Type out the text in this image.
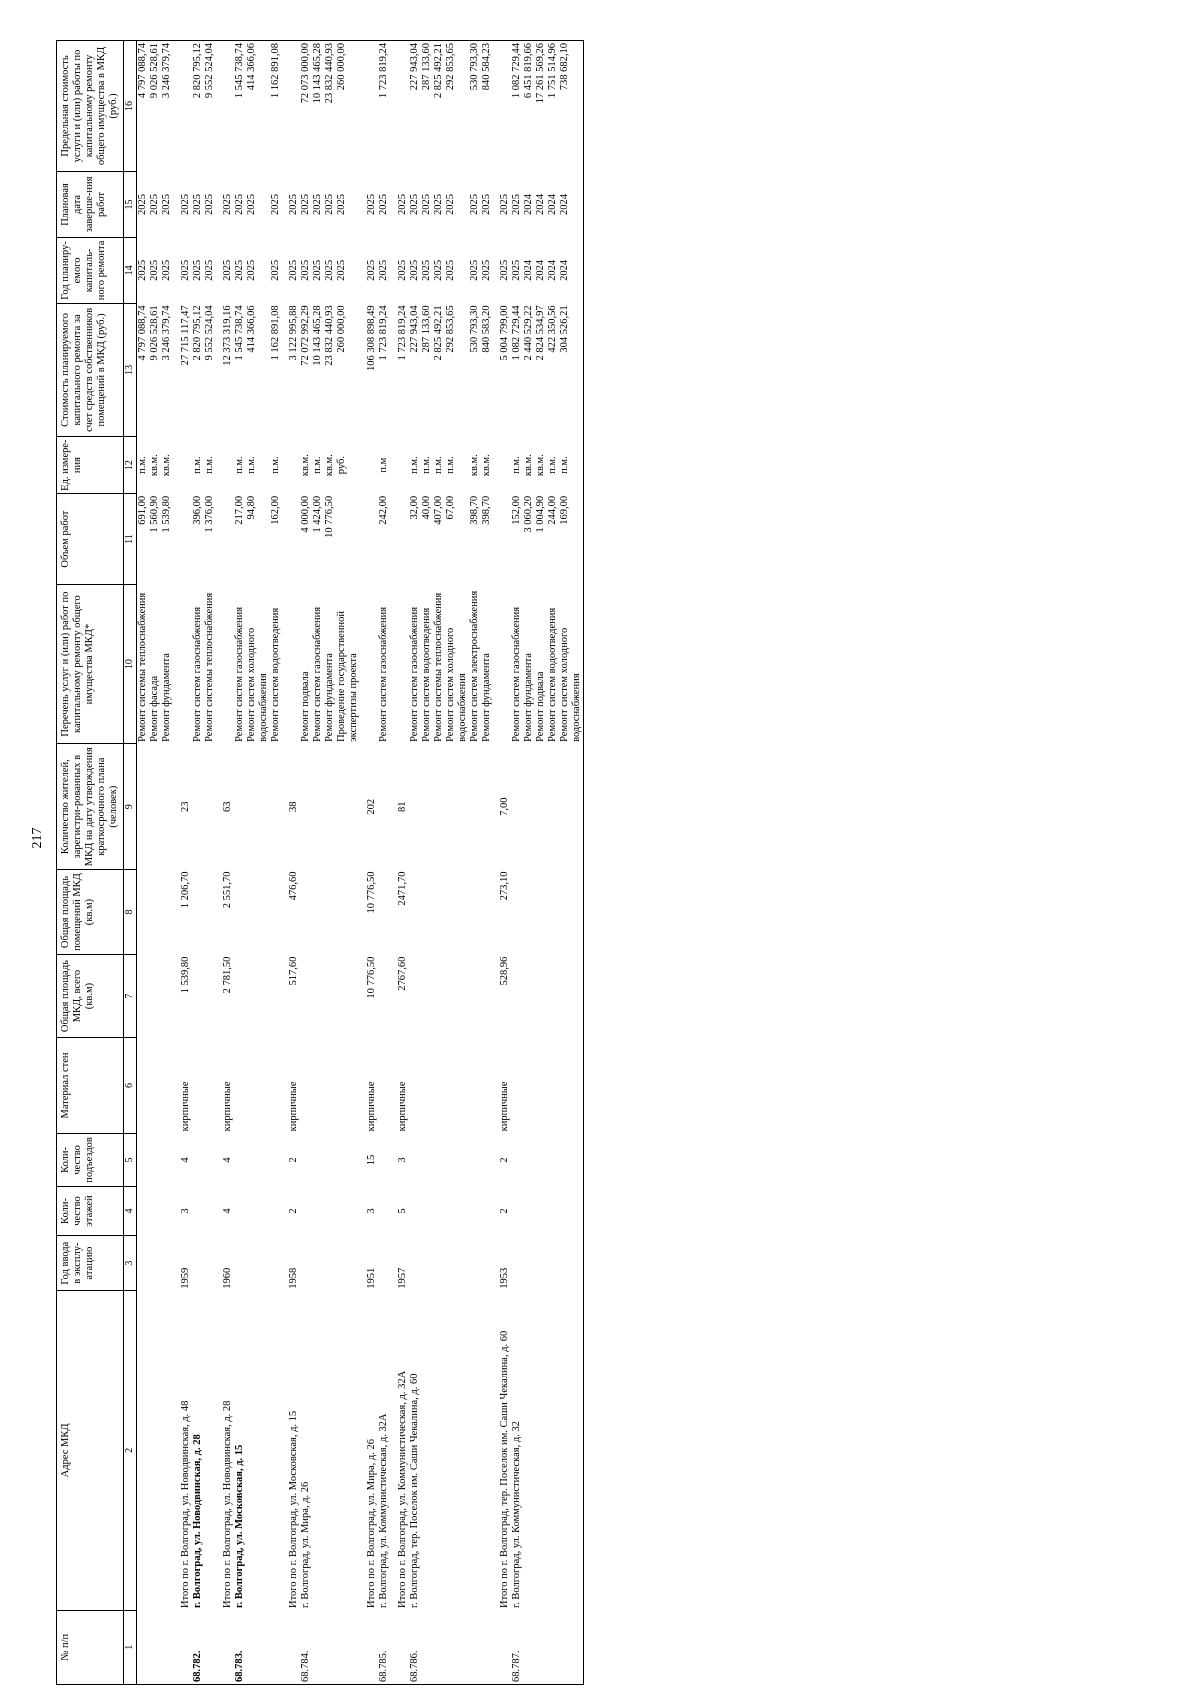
217
№ п/п	Адрес МКД	Год ввода в эксплу-атацию	Коли-чество этажей	Коли-чество подъездов	Материал стен	Общая площадь МКД, всего (кв.м)	Общая площадь помещений МКД (кв.м)	Количество жителей, зарегистри-рованных в МКД на дату утверждения краткосрочного плана (человек)	Перечень услуг и (или) работ по капитальному ремонту общего имущества МКД*	Объем работ	Ед. измере-ния	Стоимость планируемого капитального ремонта за счет средств собственников помещений в МКД (руб.)	Год планиру-емого капиталь-ного ремонта	Плановая дата заверше-ния работ	Предельная стоимость услуги и (или) работы по капитальному ремонту общего имущества в МКД (руб.)
1	2	3	4	5	6	7	8	9	10	11	12	13	14	15	16
									Ремонт системы теплоснабжения	691,00	п.м.	4 797 088,74	2025	2025	4 797 088,74
									Ремонт фасада	1 560,90	кв.м.	9 026 528,61	2025	2025	9 026 528,61
									Ремонт фундамента	1 539,80	кв.м.	3 246 379,74	2025	2025	3 246 379,74
	Итого по г. Волгоград, ул. Новодвинская, д. 48	1959	3	4	кирпичные	1 539,80	1 206,70	23				27 715 117,47	2025	2025	
68.782.	г. Волгоград, ул. Новодвинская, д. 28								Ремонт систем газоснабжения	396,00	п.м.	2 820 795,12	2025	2025	2 820 795,12
									Ремонт системы теплоснабжения	1 376,00	п.м.	9 552 524,04	2025	2025	9 552 524,04
	Итого по г. Волгоград, ул. Новодвинская, д. 28	1960	4	4	кирпичные	2 781,50	2 551,70	63				12 373 319,16	2025	2025	
68.783.	г. Волгоград, ул. Московская, д. 15								Ремонт систем газоснабжения	217,00	п.м.	1 545 738,74	2025	2025	1 545 738,74
									Ремонт систем холодного водоснабжения	94,80	п.м.	414 366,06	2025	2025	414 366,06
									Ремонт систем водоотведения	162,00	п.м.	1 162 891,08	2025	2025	1 162 891,08
	Итого по г. Волгоград, ул. Московская, д. 15	1958	2	2	кирпичные	517,60	476,60	38				3 122 995,88	2025	2025	
68.784.	г. Волгоград, ул. Мира, д. 26								Ремонт подвала	4 000,00	кв.м.	72 072 992,29	2025	2025	72 073 000,00
									Ремонт систем газоснабжения	1 424,00	п.м.	10 143 465,28	2025	2025	10 143 465,28
									Ремонт фундамента	10 776,50	кв.м.	23 832 440,93	2025	2025	23 832 440,93
									Проведение государственной экспертизы проекта		руб.	260 000,00	2025	2025	260 000,00
	Итого по г. Волгоград, ул. Мира, д. 26	1951	3	15	кирпичные	10 776,50	10 776,50	202				106 308 898,49	2025	2025	
68.785.	г. Волгоград, ул. Коммунистическая, д. 32А								Ремонт систем газоснабжения	242,00	п.м	1 723 819,24	2025	2025	1 723 819,24
	Итого по г. Волгоград, ул. Коммунистическая, д. 32А	1957	5	3	кирпичные	2767,60	2471,70	81				1 723 819,24	2025	2025	
68.786.	г. Волгоград, тер. Поселок им. Саши Чекалина, д. 60								Ремонт систем газоснабжения	32,00	п.м.	227 943,04	2025	2025	227 943,04
									Ремонт систем водоотведения	40,00	п.м.	287 133,60	2025	2025	287 133,60
									Ремонт системы теплоснабжения	407,00	п.м.	2 825 492,21	2025	2025	2 825 492,21
									Ремонт систем холодного водоснабжения	67,00	п.м.	292 853,65	2025	2025	292 853,65
									Ремонт систем электроснабжения	398,70	кв.м.	530 793,30	2025	2025	530 793,30
									Ремонт фундамента	398,70	кв.м.	840 583,20	2025	2025	840 584,23
	Итого по г. Волгоград, тер. Поселок им. Саши Чекалина, д. 60	1953	2	2	кирпичные	528,96	273,10	7,00				5 004 799,00	2025	2025	
68.787.	г. Волгоград, ул. Коммунистическая, д. 32								Ремонт систем газоснабжения	152,00	п.м.	1 082 729,44	2025	2025	1 082 729,44
									Ремонт фундамента	3 060,20	кв.м.	2 440 529,22	2024	2024	6 451 819,66
									Ремонт подвала	1 004,90	кв.м.	2 824 534,97	2024	2024	17 261 569,26
									Ремонт систем водоотведения	244,00	п.м.	422 350,56	2024	2024	1 751 514,96
									Ремонт систем холодного водоснабжения	169,00	п.м.	304 526,21	2024	2024	738 682,10
